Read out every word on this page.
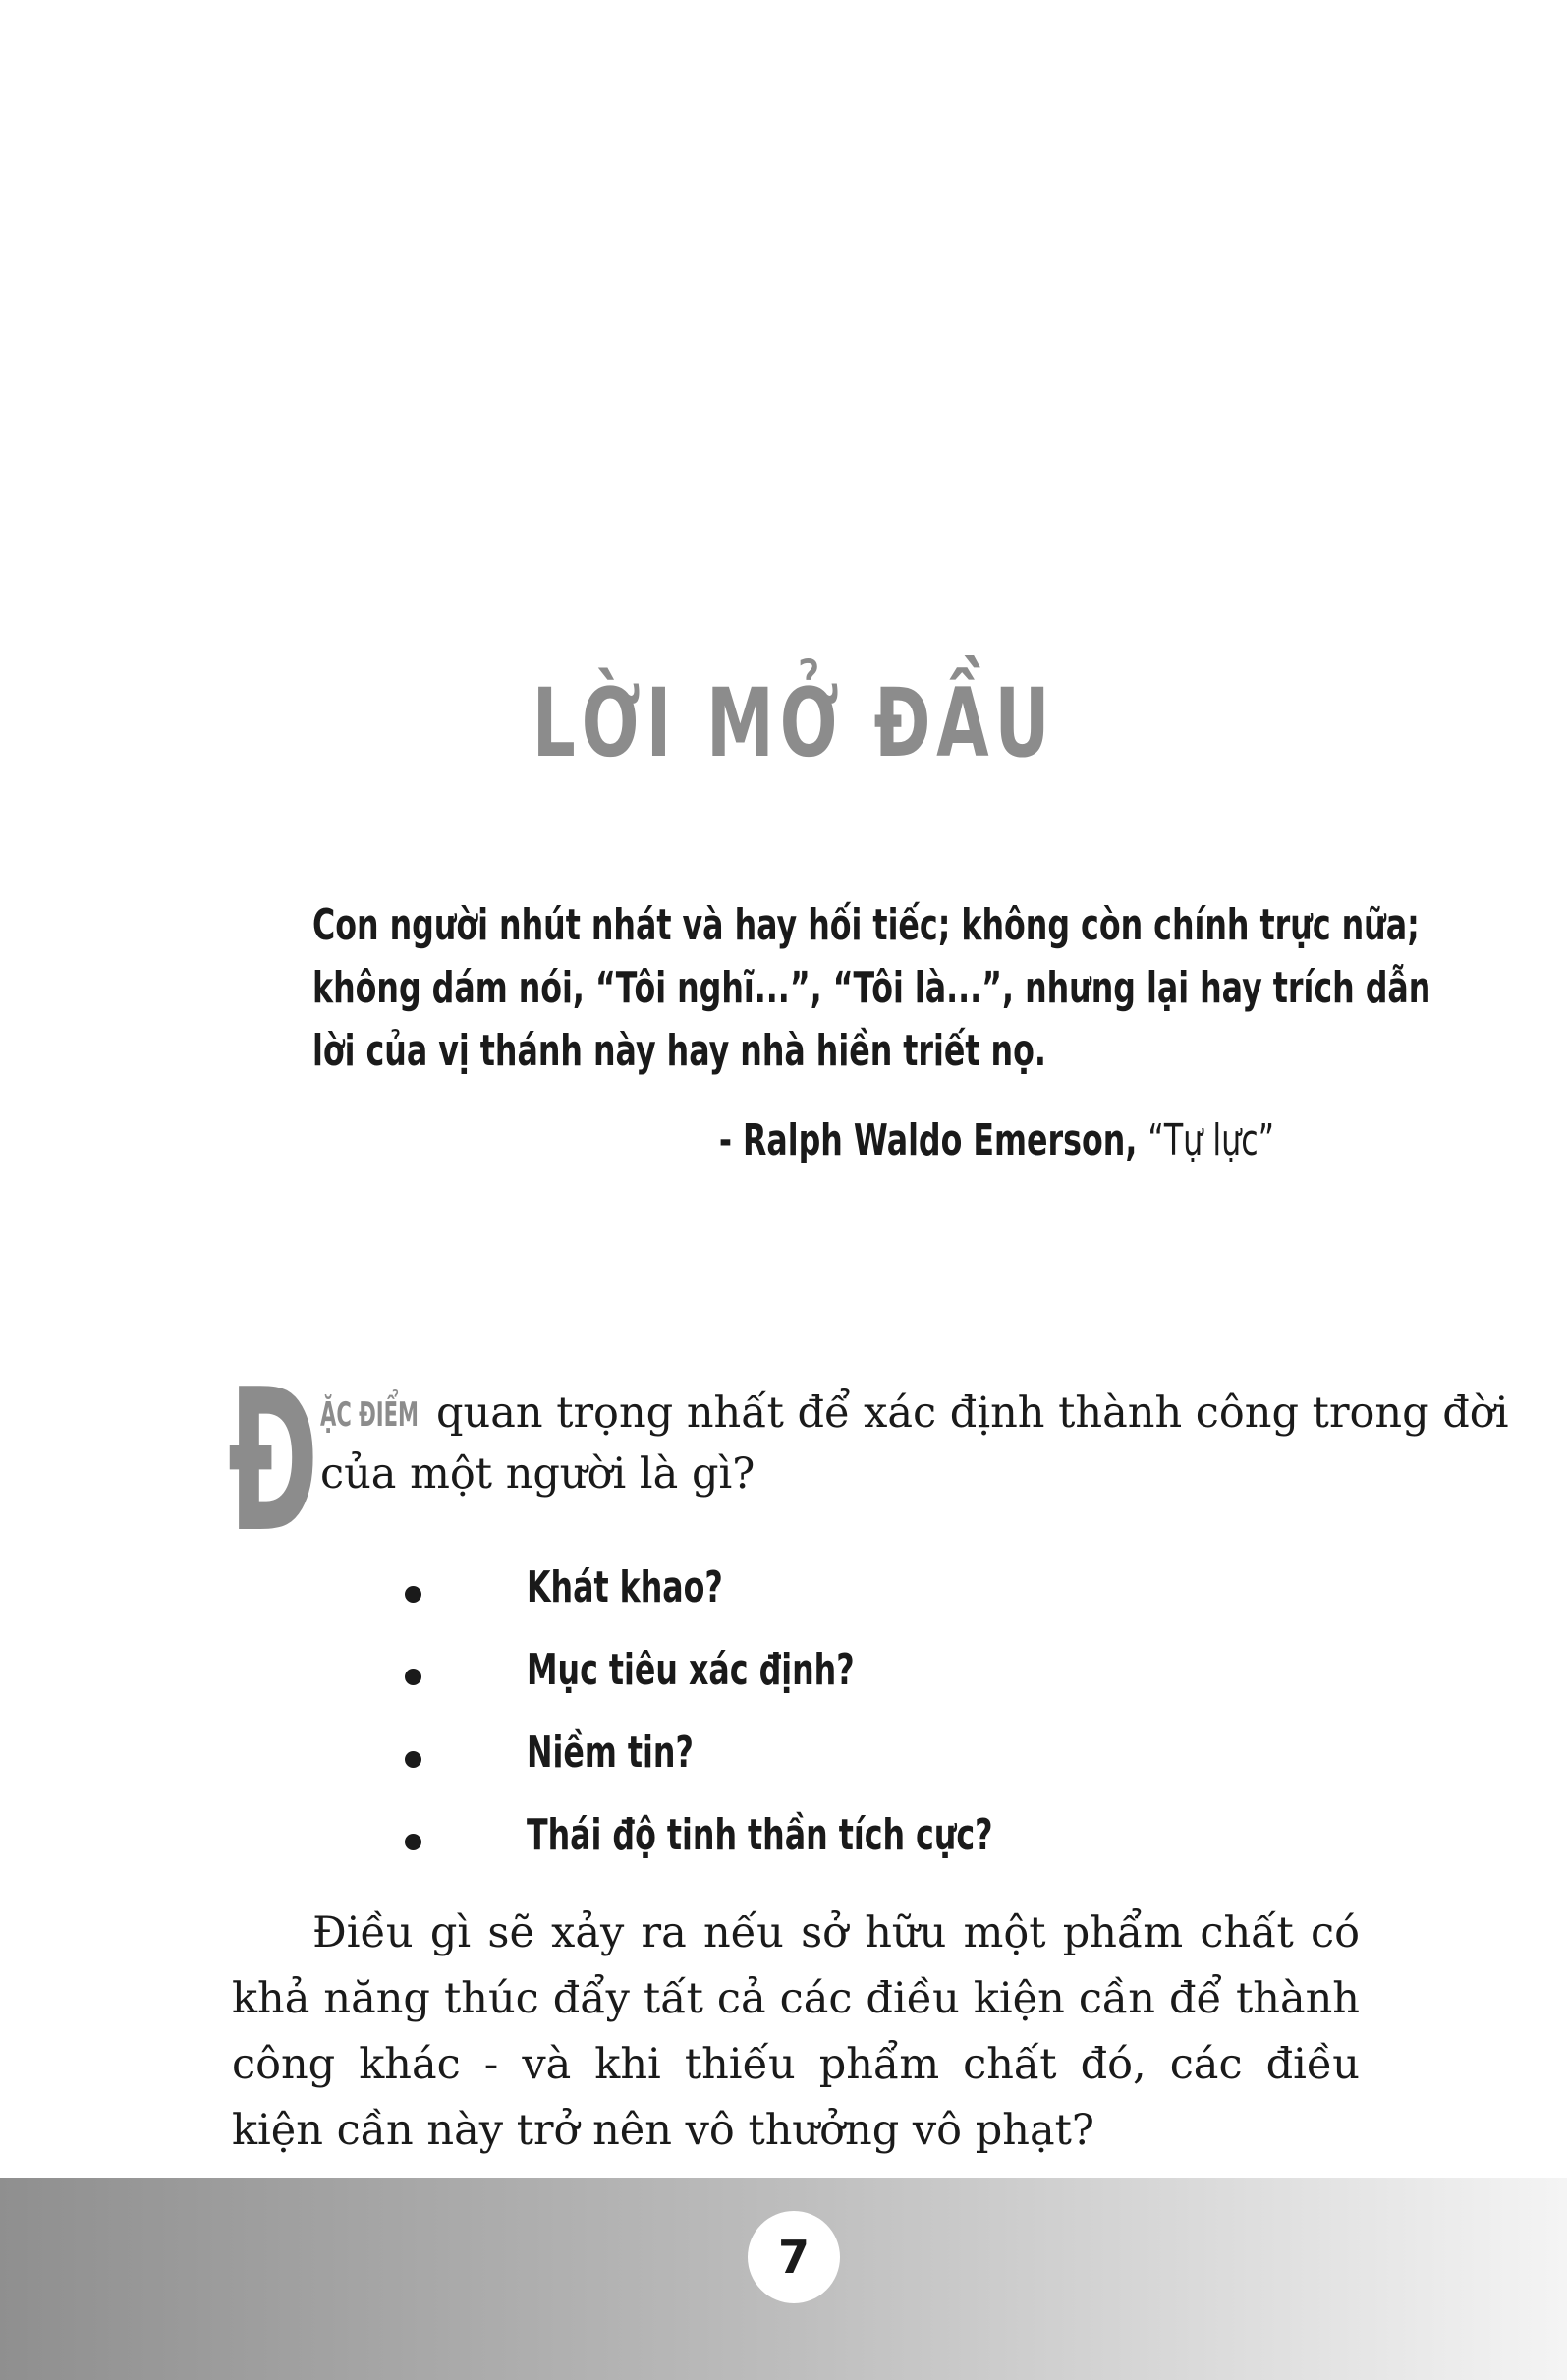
LỜI MỞ ĐẦU

Con người nhút nhát và hay hối tiếc; không còn chính trực nữa;

không dám nói, “Tôi nghĩ...”, “Tôi là...”, nhưng lại hay trích dẫn

lời của vị thánh này hay nhà hiền triết nọ.

- Ralph Waldo Emerson, “Tự lực”
Đ ẶC ĐIỂM quan trọng nhất để xác định thành công trong đời
của một người là gì?
Khát khao?
Mục tiêu xác định?
Niềm tin?
Thái độ tinh thần tích cực?

Điều gì sẽ xảy ra nếu sở hữu một phẩm chất có khả năng thúc đẩy tất cả các điều kiện cần để thành công khác - và khi thiếu phẩm chất đó, các điều kiện cần này trở nên vô thưởng vô phạt?

7
